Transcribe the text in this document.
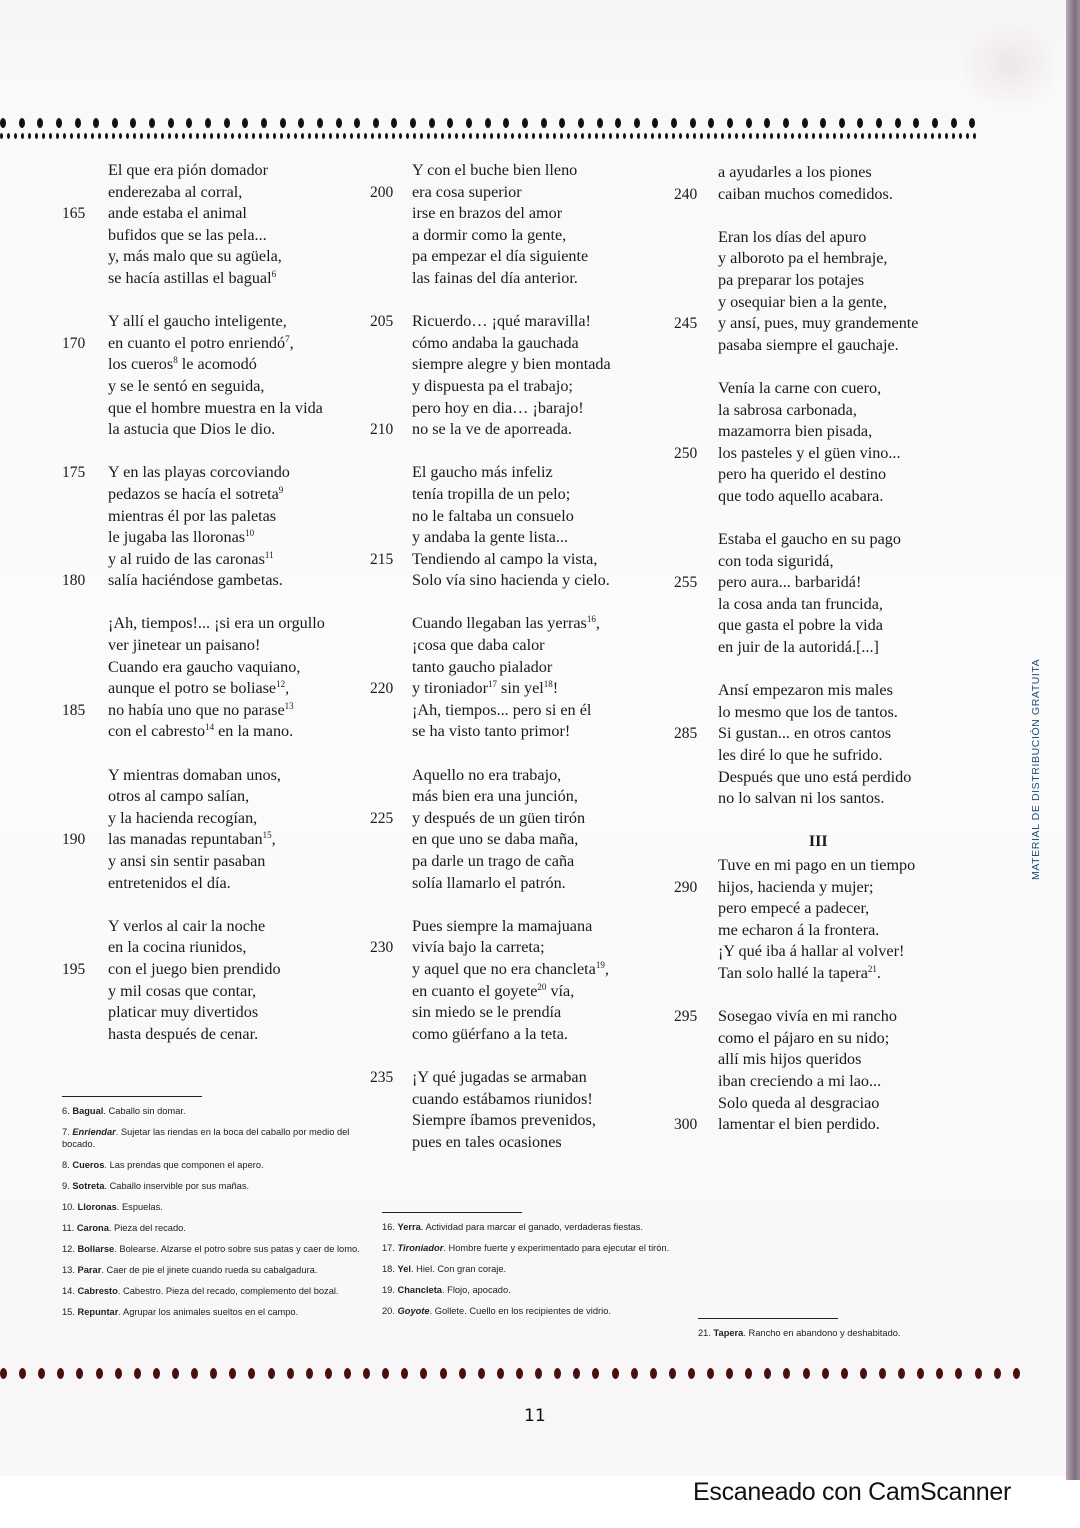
El que era pión domador
enderezaba al corral,
165 ande estaba el animal
bufidos que se las pela...
y, más malo que su agüela,
se hacía astillas el bagual$^6$
Y allí el gaucho inteligente,
170 en cuanto el potro enriendó$^7$,
los cueros$^8$ le acomodó
y se le sentó en seguida,
que el hombre muestra en la vida
la astucia que Dios le dio.
175 Y en las playas corcoviando
pedazos se hacía el sotreta$^9$
mientras él por las paletas
le jugaba las lloronas$^{10}$
y al ruido de las caronas$^{11}$
180 salía haciéndose gambetas.
¡Ah, tiempos!... ¡si era un orgullo
ver jinetear un paisano!
Cuando era gaucho vaquiano,
aunque el potro se boliase$^{12}$,
185 no había uno que no parase$^{13}$
con el cabresto$^{14}$ en la mano.
Y mientras domaban unos,
otros al campo salían,
y la hacienda recogían,
190 las manadas repuntaban$^{15}$,
y ansi sin sentir pasaban
entretenidos el día.
Y verlos al cair la noche
en la cocina riunidos,
195 con el juego bien prendido
y mil cosas que contar,
platicar muy divertidos
hasta después de cenar.
Y con el buche bien lleno
200 era cosa superior
irse en brazos del amor
a dormir como la gente,
pa empezar el día siguiente
las fainas del día anterior.
205 Ricuerdo… ¡qué maravilla!
cómo andaba la gauchada
siempre alegre y bien montada
y dispuesta pa el trabajo;
pero hoy en dia… ¡barajo!
210 no se la ve de aporreada.
El gaucho más infeliz
tenía tropilla de un pelo;
no le faltaba un consuelo
y andaba la gente lista...
215 Tendiendo al campo la vista,
Solo vía sino hacienda y cielo.
Cuando llegaban las yerras$^{16}$,
¡cosa que daba calor
tanto gaucho pialador
220 y tironiador$^{17}$ sin yel$^{18}$!
¡Ah, tiempos... pero si en él
se ha visto tanto primor!
Aquello no era trabajo,
más bien era una junción,
225 y después de un güen tirón
en que uno se daba maña,
pa darle un trago de caña
solía llamarlo el patrón.
Pues siempre la mamajuana
230 vivía bajo la carreta;
y aquel que no era chancleta$^{19}$,
en cuanto el goyete$^{20}$ vía,
sin miedo se le prendía
como güérfano a la teta.
235 ¡Y qué jugadas se armaban
cuando estábamos riunidos!
Siempre íbamos prevenidos,
pues en tales ocasiones
a ayudarles a los piones
240 caiban muchos comedidos.
Eran los días del apuro
y alboroto pa el hembraje,
pa preparar los potajes
y osequiar bien a la gente,
245 y ansí, pues, muy grandemente
pasaba siempre el gauchaje.
Venía la carne con cuero,
la sabrosa carbonada,
mazamorra bien pisada,
250 los pasteles y el güen vino...
pero ha querido el destino
que todo aquello acabara.
Estaba el gaucho en su pago
con toda siguridá,
255 pero aura... barbaridá!
la cosa anda tan fruncida,
que gasta el pobre la vida
en juir de la autoridá.[...]
Ansí empezaron mis males
lo mesmo que los de tantos.
285 Si gustan... en otros cantos
les diré lo que he sufrido.
Después que uno está perdido
no lo salvan ni los santos.
III
Tuve en mi pago en un tiempo
290 hijos, hacienda y mujer;
pero empecé a padecer,
me echaron á la frontera.
¡Y qué iba á hallar al volver!
Tan solo hallé la tapera$^{21}$.
295 Sosegao vivía en mi rancho
como el pájaro en su nido;
allí mis hijos queridos
iban creciendo a mi lao...
Solo queda al desgraciao
300 lamentar el bien perdido.
6. Bagual. Caballo sin domar.
7. Enriendar. Sujetar las riendas en la boca del caballo por medio del bocado.
8. Cueros. Las prendas que componen el apero.
9. Sotreta. Caballo inservible por sus mañas.
10. Lloronas. Espuelas.
11. Carona. Pieza del recado.
12. Bollarse. Bolearse. Alzarse el potro sobre sus patas y caer de lomo.
13. Parar. Caer de pie el jinete cuando rueda su cabalgadura.
14. Cabresto. Cabestro. Pieza del recado, complemento del bozal.
15. Repuntar. Agrupar los animales sueltos en el campo.
16. Yerra. Actividad para marcar el ganado, verdaderas fiestas.
17. Tironiador. Hombre fuerte y experimentado para ejecutar el tirón.
18. Yel. Hiel. Con gran coraje.
19. Chancleta. Flojo, apocado.
20. Goyote. Gollete. Cuello en los recipientes de vidrio.
21. Tapera. Rancho en abandono y deshabitado.
MATERIAL DE DISTRIBUCIÓN GRATUITA
11
Escaneado con CamScanner
